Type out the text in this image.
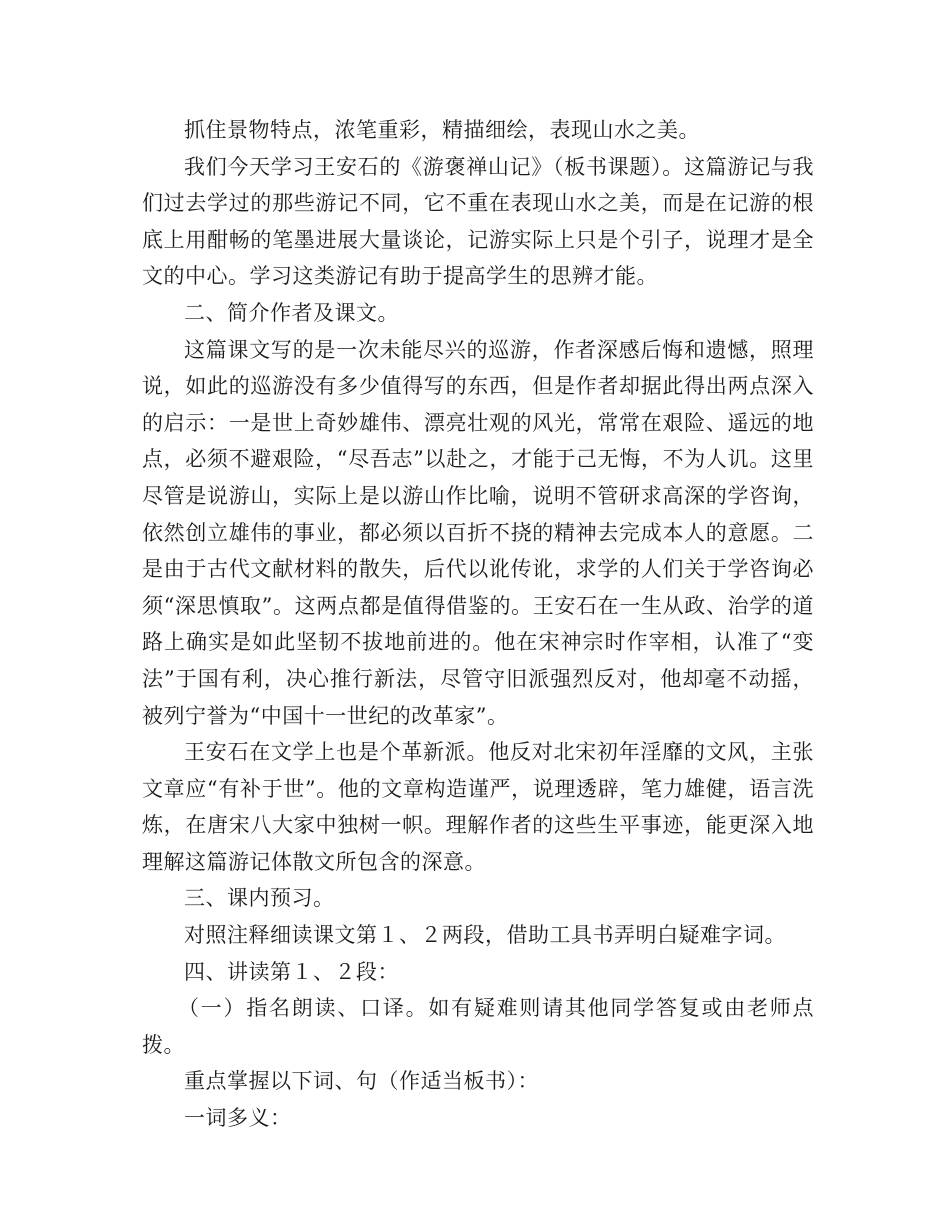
抓住景物特点，浓笔重彩，精描细绘，表现山水之美。

我们今天学习王安石的《游褒禅山记》（板书课题）。这篇游记与我们过去学过的那些游记不同，它不重在表现山水之美，而是在记游的根底上用酣畅的笔墨进展大量谈论，记游实际上只是个引子，说理才是全文的中心。学习这类游记有助于提高学生的思辨才能。

二、简介作者及课文。

这篇课文写的是一次未能尽兴的巡游，作者深感后悔和遗憾，照理说，如此的巡游没有多少值得写的东西，但是作者却据此得出两点深入的启示：一是世上奇妙雄伟、漂亮壮观的风光，常常在艰险、遥远的地点，必须不避艰险，“尽吾志”以赴之，才能于己无悔，不为人讥。这里尽管是说游山，实际上是以游山作比喻，说明不管研求高深的学咨询，依然创立雄伟的事业，都必须以百折不挠的精神去完成本人的意愿。二是由于古代文献材料的散失，后代以讹传讹，求学的人们关于学咨询必须“深思慎取”。这两点都是值得借鉴的。王安石在一生从政、治学的道路上确实是如此坚韧不拔地前进的。他在宋神宗时作宰相，认准了“变法”于国有利，决心推行新法，尽管守旧派强烈反对，他却毫不动摇，被列宁誉为“中国十一世纪的改革家”。

王安石在文学上也是个革新派。他反对北宋初年淫靡的文风，主张文章应“有补于世”。他的文章构造谨严，说理透辟，笔力雄健，语言洗炼，在唐宋八大家中独树一帜。理解作者的这些生平事迹，能更深入地理解这篇游记体散文所包含的深意。

三、课内预习。

对照注释细读课文第１、２两段，借助工具书弄明白疑难字词。

四、讲读第１、２段：

（一）指名朗读、口译。如有疑难则请其他同学答复或由老师点拨。

重点掌握以下词、句（作适当板书）：

一词多义：
